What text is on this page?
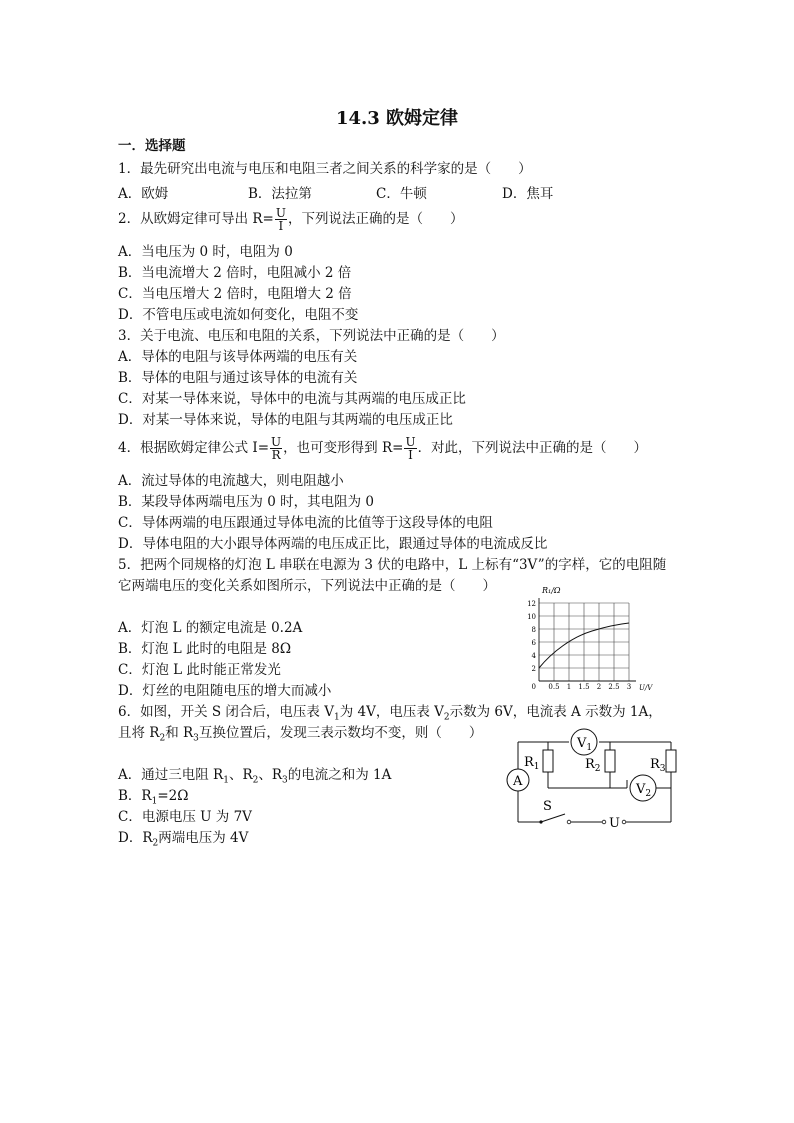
14.3 欧姆定律
一．选择题
1．最先研究出电流与电压和电阻三者之间关系的科学家的是（　　）
A．欧姆	B．法拉第	C．牛顿	D．焦耳
2．从欧姆定律可导出 $R= \frac{U}{I}$ ，下列说法正确的是（　　）
A．当电压为 0 时，电阻为 0
B．当电流增大 2 倍时，电阻减小 2 倍
C．当电压增大 2 倍时，电阻增大 2 倍
D．不管电压或电流如何变化，电阻不变
3．关于电流、电压和电阻的关系，下列说法中正确的是（　　）
A．导体的电阻与该导体两端的电压有关
B．导体的电阻与通过该导体的电流有关
C．对某一导体来说，导体中的电流与其两端的电压成正比
D．对某一导体来说，导体的电阻与其两端的电压成正比
4．根据欧姆定律公式 $I= \frac{U}{R}$ ，也可变形得到 $R= \frac{U}{I}$ ．对此，下列说法中正确的是（　　）
A．流过导体的电流越大，则电阻越小
B．某段导体两端电压为 0 时，其电阻为 0
C．导体两端的电压跟通过导体电流的比值等于这段导体的电阻
D．导体电阻的大小跟导体两端的电压成正比，跟通过导体的电流成反比
5．把两个同规格的灯泡 L 串联在电源为 3 伏的电路中，L 上标有“3V”的字样，它的电阻随
它两端电压的变化关系如图所示，下列说法中正确的是（　　）
A．灯泡 L 的额定电流是 0.2A
B．灯泡 L 此时的电阻是 8Ω
C．灯泡 L 此时能正常发光
D．灯丝的电阻随电压的增大而减小
R₁/Ω
2
4
6
8
10
12
0 0.5 1 1.5 2 2.5 3 U/V
6．如图，开关 S 闭合后，电压表 $V_1$为 4V，电压表 $V_2$示数为 6V，电流表 A 示数为 1A，
且将 $R_2$和 $R_3$互换位置后，发现三表示数均不变，则（　　）
A．通过三电阻 $R_1$、$R_2$、$R_3$的电流之和为 1A
B．$R_1=2\Omega$
C．电源电压 U 为 7V
D．$R_2$两端电压为 4V
$V_1$
$V_2$
A
$R_1$	$R_2$	$R_3$
S
U
